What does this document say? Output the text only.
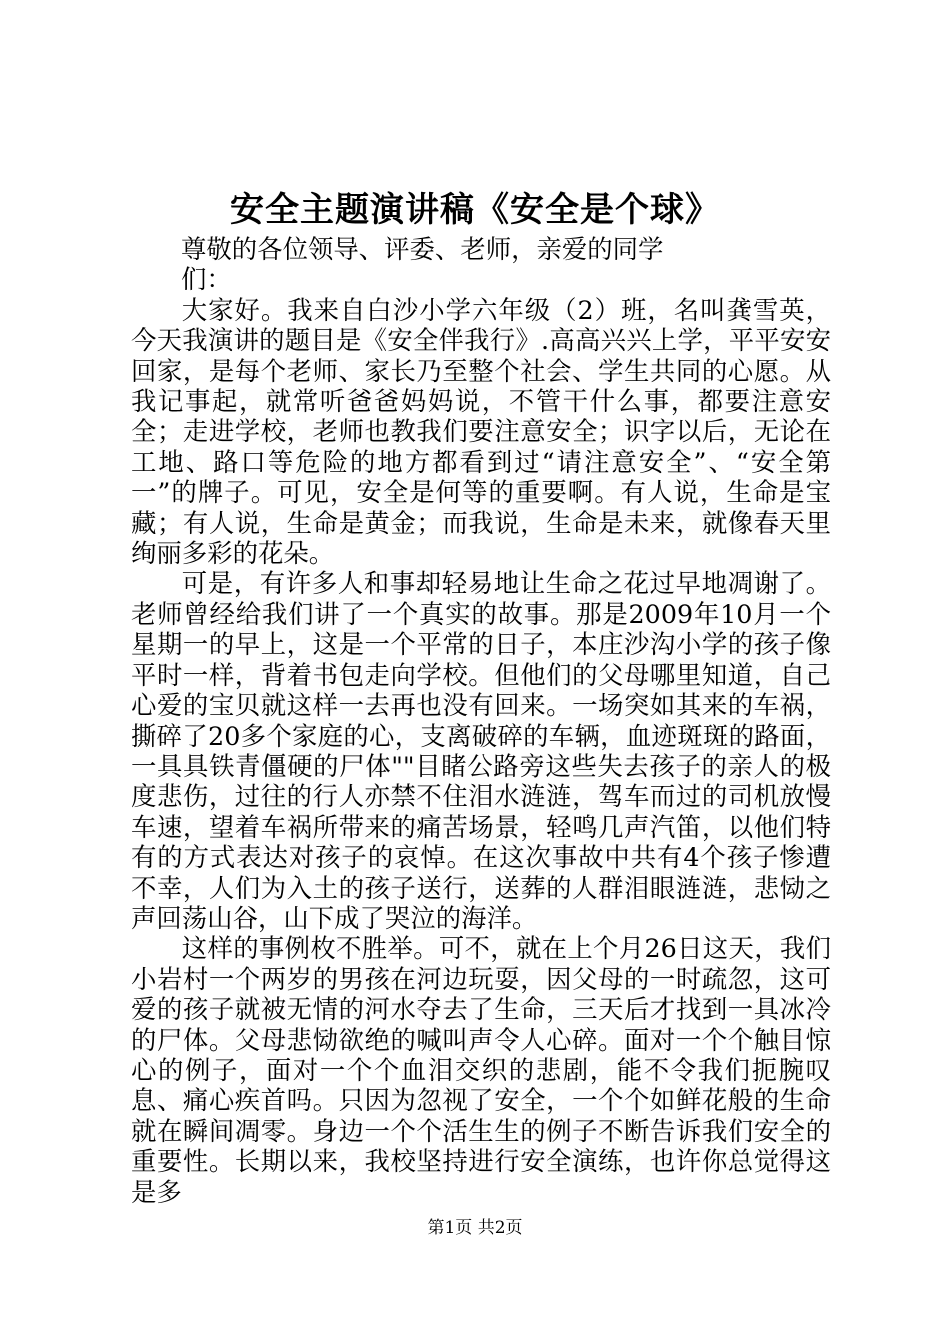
安全主题演讲稿《安全是个球》

尊敬的各位领导、评委、老师，亲爱的同学们：

大家好。我来自白沙小学六年级（2）班，名叫龚雪英，今天我演讲的题目是《安全伴我行》.高高兴兴上学，平平安安回家，是每个老师、家长乃至整个社会、学生共同的心愿。从我记事起，就常听爸爸妈妈说，不管干什么事，都要注意安全；走进学校，老师也教我们要注意安全；识字以后，无论在工地、路口等危险的地方都看到过“请注意安全”、“安全第一”的牌子。可见，安全是何等的重要啊。有人说，生命是宝藏；有人说，生命是黄金；而我说，生命是未来，就像春天里绚丽多彩的花朵。

可是，有许多人和事却轻易地让生命之花过早地凋谢了。老师曾经给我们讲了一个真实的故事。那是2009年10月一个星期一的早上，这是一个平常的日子，本庄沙沟小学的孩子像平时一样，背着书包走向学校。但他们的父母哪里知道，自己心爱的宝贝就这样一去再也没有回来。一场突如其来的车祸，撕碎了20多个家庭的心，支离破碎的车辆，血迹斑斑的路面，一具具铁青僵硬的尸体""目睹公路旁这些失去孩子的亲人的极度悲伤，过往的行人亦禁不住泪水涟涟，驾车而过的司机放慢车速，望着车祸所带来的痛苦场景，轻鸣几声汽笛，以他们特有的方式表达对孩子的哀悼。在这次事故中共有4个孩子惨遭不幸，人们为入土的孩子送行，送葬的人群泪眼涟涟，悲恸之声回荡山谷，山下成了哭泣的海洋。

这样的事例枚不胜举。可不，就在上个月26日这天，我们小岩村一个两岁的男孩在河边玩耍，因父母的一时疏忽，这可爱的孩子就被无情的河水夺去了生命，三天后才找到一具冰冷的尸体。父母悲恸欲绝的喊叫声令人心碎。面对一个个触目惊心的例子，面对一个个血泪交织的悲剧，能不令我们扼腕叹息、痛心疾首吗。只因为忽视了安全，一个个如鲜花般的生命就在瞬间凋零。身边一个个活生生的例子不断告诉我们安全的重要性。长期以来，我校坚持进行安全演练，也许你总觉得这是多

第1页 共2页
